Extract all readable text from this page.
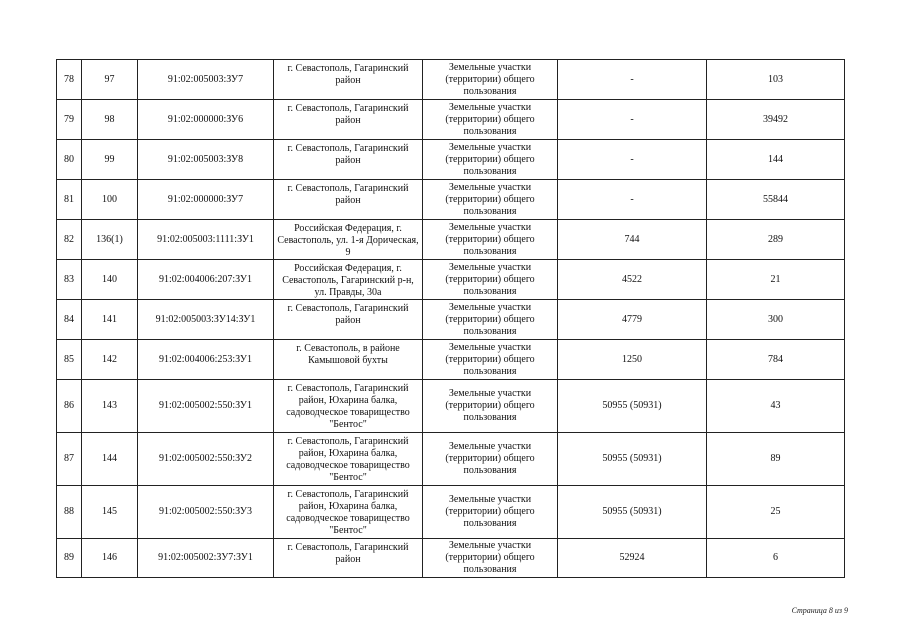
78	97	91:02:005003:ЗУ7	г. Севастополь, Гагаринский район	Земельные участки (территории) общего пользования	-	103
79	98	91:02:000000:ЗУ6	г. Севастополь, Гагаринский район	Земельные участки (территории) общего пользования	-	39492
80	99	91:02:005003:ЗУ8	г. Севастополь, Гагаринский район	Земельные участки (территории) общего пользования	-	144
81	100	91:02:000000:ЗУ7	г. Севастополь, Гагаринский район	Земельные участки (территории) общего пользования	-	55844
82	136(1)	91:02:005003:1111:ЗУ1	Российская Федерация, г. Севастополь, ул. 1-я Дорическая, 9	Земельные участки (территории) общего пользования	744	289
83	140	91:02:004006:207:ЗУ1	Российская Федерация, г. Севастополь, Гагаринский р-н, ул. Правды, 30а	Земельные участки (территории) общего пользования	4522	21
84	141	91:02:005003:ЗУ14:ЗУ1	г. Севастополь, Гагаринский район	Земельные участки (территории) общего пользования	4779	300
85	142	91:02:004006:253:ЗУ1	г. Севастополь, в районе Камышовой бухты	Земельные участки (территории) общего пользования	1250	784
86	143	91:02:005002:550:ЗУ1	г. Севастополь, Гагаринский район, Юхарина балка, садоводческое товарищество "Бентос"	Земельные участки (территории) общего пользования	50955 (50931)	43
87	144	91:02:005002:550:ЗУ2	г. Севастополь, Гагаринский район, Юхарина балка, садоводческое товарищество "Бентос"	Земельные участки (территории) общего пользования	50955 (50931)	89
88	145	91:02:005002:550:ЗУ3	г. Севастополь, Гагаринский район, Юхарина балка, садоводческое товарищество "Бентос"	Земельные участки (территории) общего пользования	50955 (50931)	25
89	146	91:02:005002:ЗУ7:ЗУ1	г. Севастополь, Гагаринский район	Земельные участки (территории) общего пользования	52924	6
Страница 8 из 9
